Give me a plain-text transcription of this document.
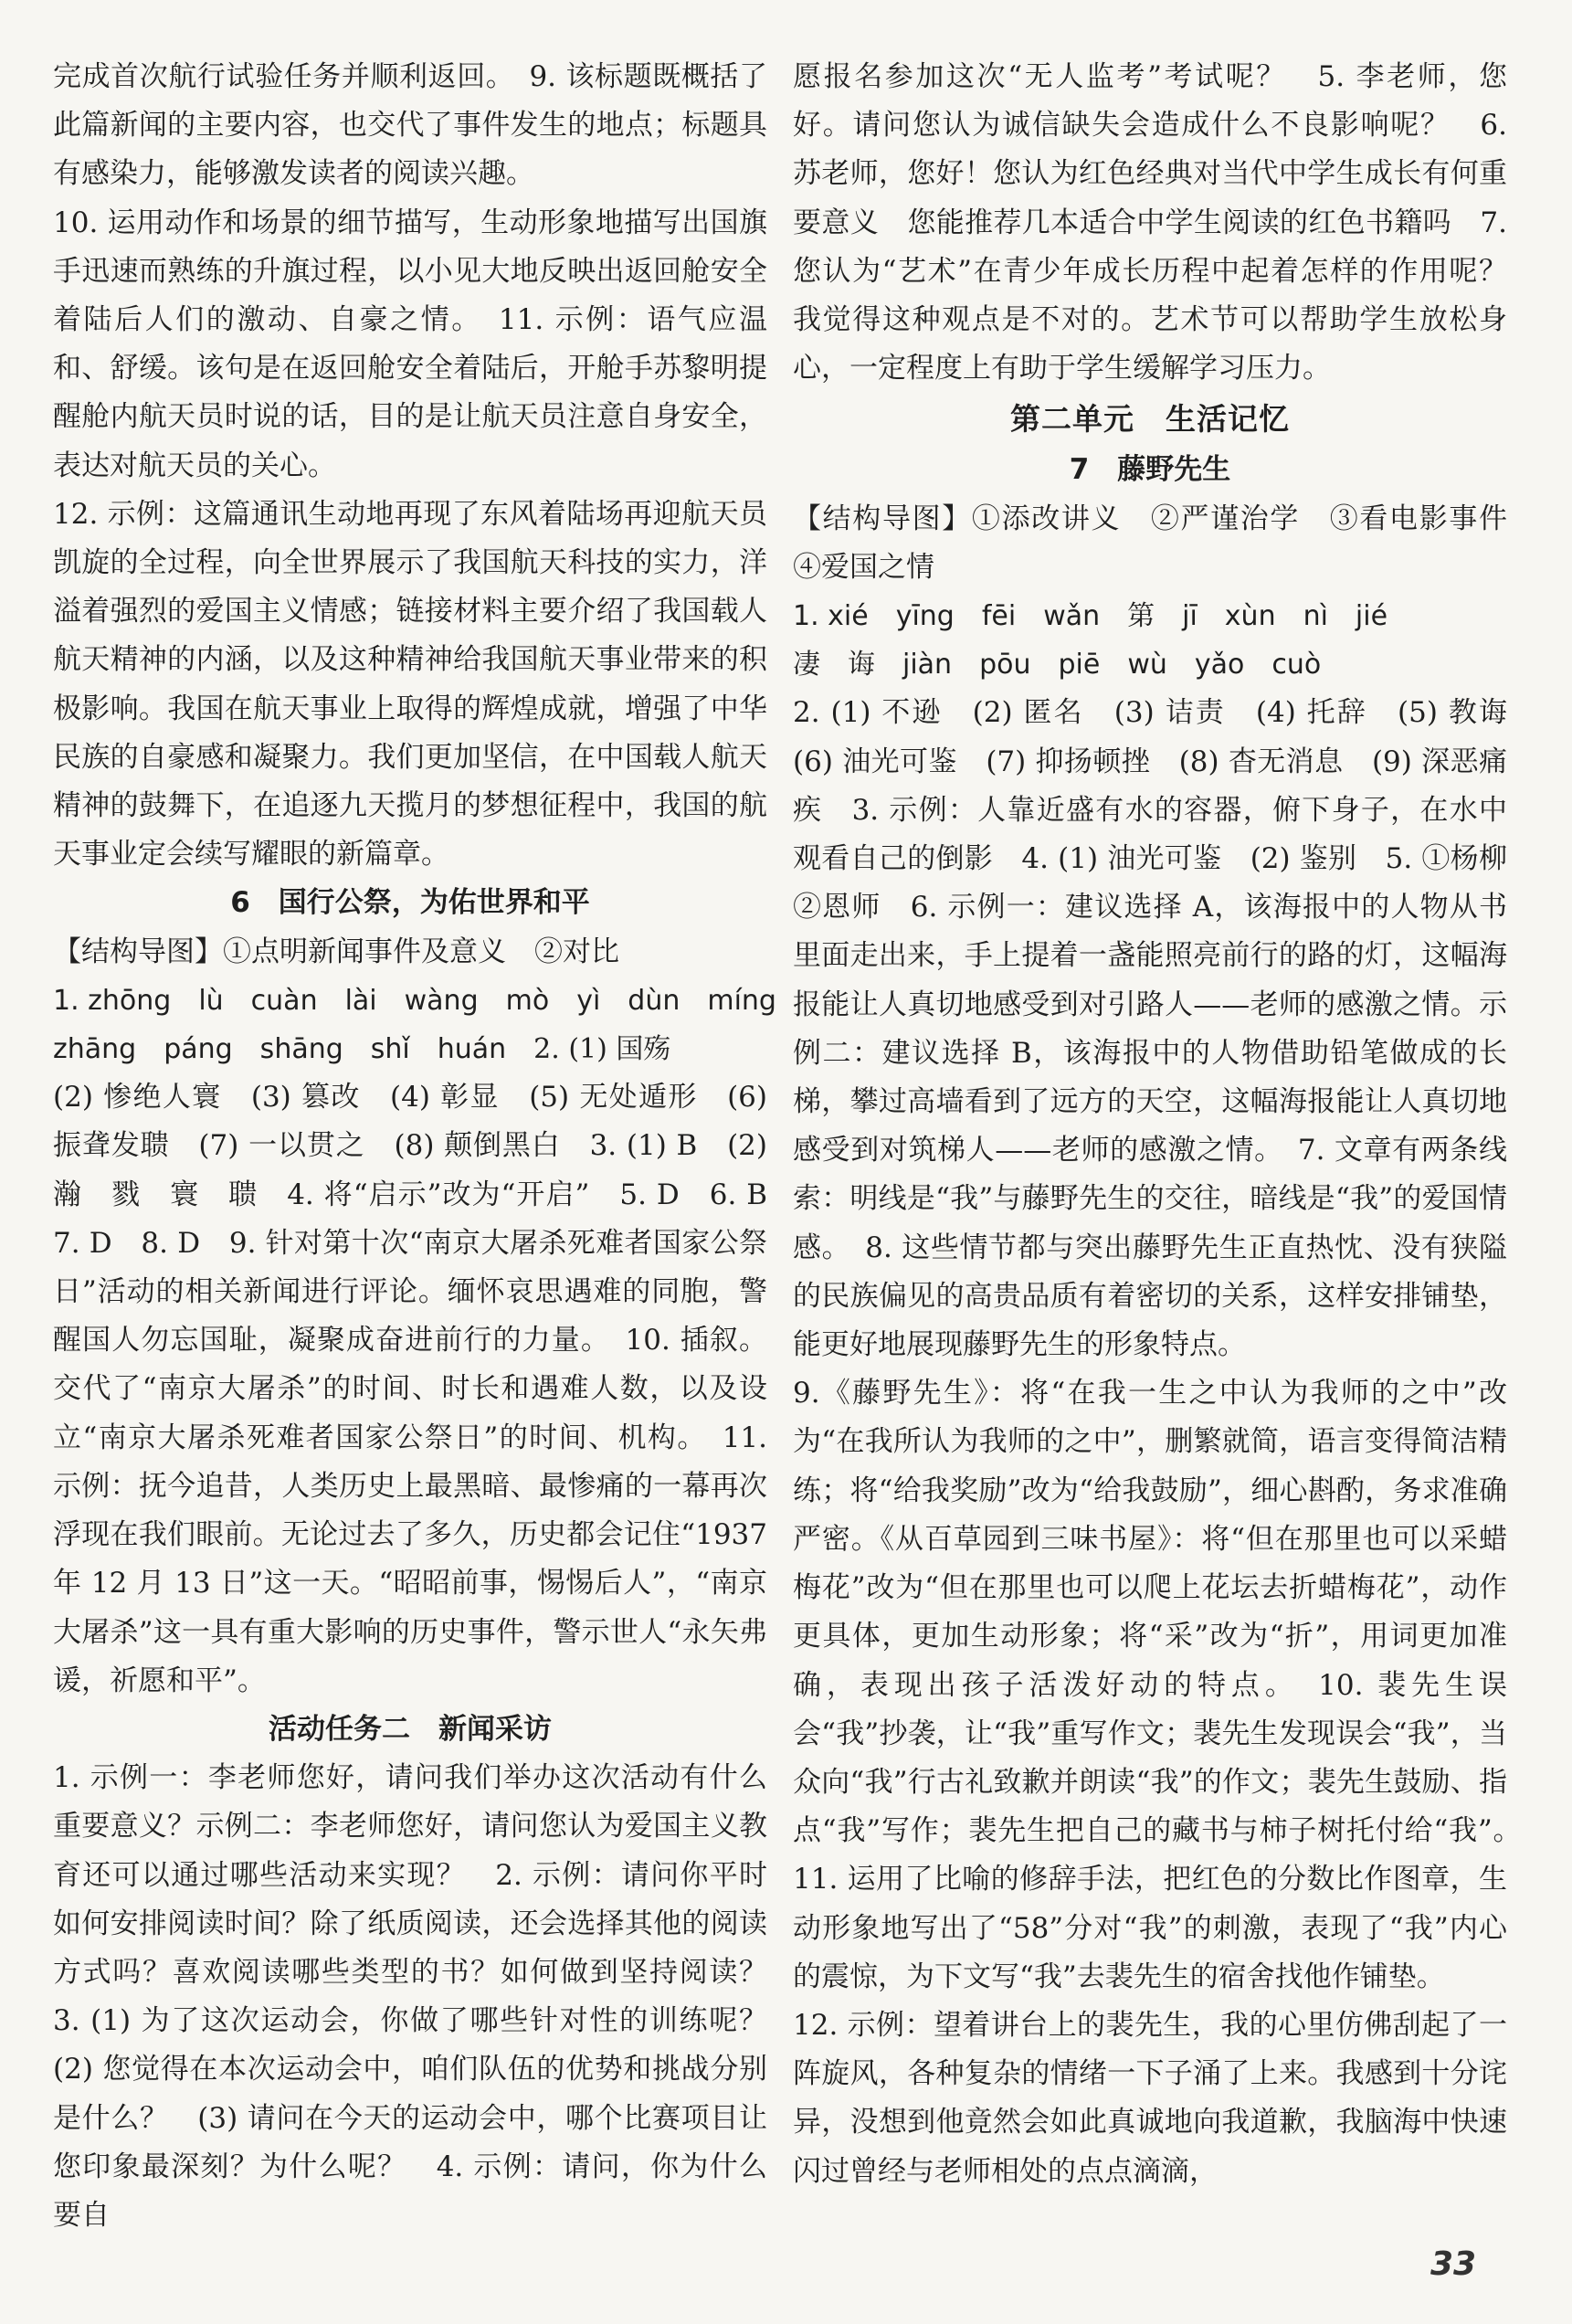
完成首次航行试验任务并顺利返回。　9. 该标题既概括了此篇新闻的主要内容，也交代了事件发生的地点；标题具有感染力，能够激发读者的阅读兴趣。

10. 运用动作和场景的细节描写，生动形象地描写出国旗手迅速而熟练的升旗过程，以小见大地反映出返回舱安全着陆后人们的激动、自豪之情。　11. 示例：语气应温和、舒缓。该句是在返回舱安全着陆后，开舱手苏黎明提醒舱内航天员时说的话，目的是让航天员注意自身安全，表达对航天员的关心。

12. 示例：这篇通讯生动地再现了东风着陆场再迎航天员凯旋的全过程，向全世界展示了我国航天科技的实力，洋溢着强烈的爱国主义情感；链接材料主要介绍了我国载人航天精神的内涵，以及这种精神给我国航天事业带来的积极影响。我国在航天事业上取得的辉煌成就，增强了中华民族的自豪感和凝聚力。我们更加坚信，在中国载人航天精神的鼓舞下，在追逐九天揽月的梦想征程中，我国的航天事业定会续写耀眼的新篇章。

6　国行公祭，为佑世界和平

【结构导图】①点明新闻事件及意义　②对比

1. zhōng　lù　cuàn　lài　wàng　mò　yì　dùn　míng

zhāng　páng　shāng　shǐ　huán　2. (1) 国殇

(2) 惨绝人寰　(3) 篡改　(4) 彰显　(5) 无处遁形　(6) 振聋发聩　(7) 一以贯之　(8) 颠倒黑白　3. (1) B　(2) 瀚　戮　寰　聩　4. 将“启示”改为“开启”　5. D　6. B　7. D　8. D　9. 针对第十次“南京大屠杀死难者国家公祭日”活动的相关新闻进行评论。缅怀哀思遇难的同胞，警醒国人勿忘国耻，凝聚成奋进前行的力量。　10. 插叙。交代了“南京大屠杀”的时间、时长和遇难人数，以及设立“南京大屠杀死难者国家公祭日”的时间、机构。　11. 示例：抚今追昔，人类历史上最黑暗、最惨痛的一幕再次浮现在我们眼前。无论过去了多久，历史都会记住“1937 年 12 月 13 日”这一天。“昭昭前事，惕惕后人”，“南京大屠杀”这一具有重大影响的历史事件，警示世人“永矢弗谖，祈愿和平”。

活动任务二　新闻采访

1. 示例一：李老师您好，请问我们举办这次活动有什么重要意义？示例二：李老师您好，请问您认为爱国主义教育还可以通过哪些活动来实现？　2. 示例：请问你平时如何安排阅读时间？除了纸质阅读，还会选择其他的阅读方式吗？喜欢阅读哪些类型的书？如何做到坚持阅读？　3. (1) 为了这次运动会，你做了哪些针对性的训练呢？　(2) 您觉得在本次运动会中，咱们队伍的优势和挑战分别是什么？　(3) 请问在今天的运动会中，哪个比赛项目让您印象最深刻？为什么呢？　4. 示例：请问，你为什么要自

愿报名参加这次“无人监考”考试呢？　5. 李老师，您好。请问您认为诚信缺失会造成什么不良影响呢？　6. 苏老师，您好！您认为红色经典对当代中学生成长有何重要意义　您能推荐几本适合中学生阅读的红色书籍吗　7. 您认为“艺术”在青少年成长历程中起着怎样的作用呢？　我觉得这种观点是不对的。艺术节可以帮助学生放松身心，一定程度上有助于学生缓解学习压力。

第二单元　生活记忆
7　藤野先生

【结构导图】①添改讲义　②严谨治学　③看电影事件　④爱国之情

1. xié　yīng　fēi　wǎn　第　jī　xùn　nì　jié

凄　诲　jiàn　pōu　piē　wù　yǎo　cuò

2. (1) 不逊　(2) 匿名　(3) 诘责　(4) 托辞　(5) 教诲　(6) 油光可鉴　(7) 抑扬顿挫　(8) 杳无消息　(9) 深恶痛疾　3. 示例：人靠近盛有水的容器，俯下身子，在水中观看自己的倒影　4. (1) 油光可鉴　(2) 鉴别　5. ①杨柳　②恩师　6. 示例一：建议选择 A，该海报中的人物从书里面走出来，手上提着一盏能照亮前行的路的灯，这幅海报能让人真切地感受到对引路人——老师的感激之情。示例二：建议选择 B，该海报中的人物借助铅笔做成的长梯，攀过高墙看到了远方的天空，这幅海报能让人真切地感受到对筑梯人——老师的感激之情。　7. 文章有两条线索：明线是“我”与藤野先生的交往，暗线是“我”的爱国情感。　8. 这些情节都与突出藤野先生正直热忱、没有狭隘的民族偏见的高贵品质有着密切的关系，这样安排铺垫，能更好地展现藤野先生的形象特点。

9.《藤野先生》：将“在我一生之中认为我师的之中”改为“在我所认为我师的之中”，删繁就简，语言变得简洁精练；将“给我奖励”改为“给我鼓励”，细心斟酌，务求准确严密。《从百草园到三味书屋》：将“但在那里也可以采蜡梅花”改为“但在那里也可以爬上花坛去折蜡梅花”，动作更具体，更加生动形象；将“采”改为“折”，用词更加准确，表现出孩子活泼好动的特点。　10. 裴先生误会“我”抄袭，让“我”重写作文；裴先生发现误会“我”，当众向“我”行古礼致歉并朗读“我”的作文；裴先生鼓励、指点“我”写作；裴先生把自己的藏书与柿子树托付给“我”。　11. 运用了比喻的修辞手法，把红色的分数比作图章，生动形象地写出了“58”分对“我”的刺激，表现了“我”内心的震惊，为下文写“我”去裴先生的宿舍找他作铺垫。

12. 示例：望着讲台上的裴先生，我的心里仿佛刮起了一阵旋风，各种复杂的情绪一下子涌了上来。我感到十分诧异，没想到他竟然会如此真诚地向我道歉，我脑海中快速闪过曾经与老师相处的点点滴滴，

33
